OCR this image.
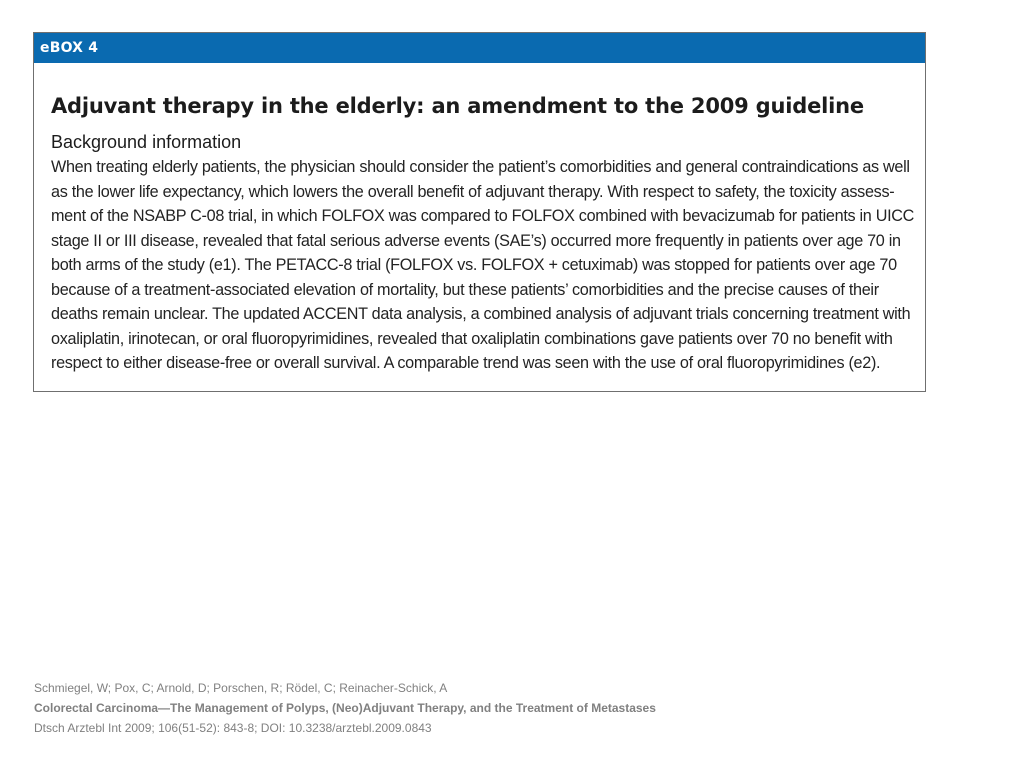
eBOX 4
Adjuvant therapy in the elderly: an amendment to the 2009 guideline
Background information

When treating elderly patients, the physician should consider the patient’s comorbidities and general contraindications as well
as the lower life expectancy, which lowers the overall benefit of adjuvant therapy. With respect to safety, the toxicity assess-
ment of the NSABP C-08 trial, in which FOLFOX was compared to FOLFOX combined with bevacizumab for patients in UICC
stage II or III disease, revealed that fatal serious adverse events (SAE’s) occurred more frequently in patients over age 70 in
both arms of the study (e1). The PETACC-8 trial (FOLFOX vs. FOLFOX + cetuximab) was stopped for patients over age 70
because of a treatment-associated elevation of mortality, but these patients’ comorbidities and the precise causes of their
deaths remain unclear. The updated ACCENT data analysis, a combined analysis of adjuvant trials concerning treatment with
oxaliplatin, irinotecan, or oral fluoropyrimidines, revealed that oxaliplatin combinations gave patients over 70 no benefit with
respect to either disease-free or overall survival. A comparable trend was seen with the use of oral fluoropyrimidines (e2).

Schmiegel, W; Pox, C; Arnold, D; Porschen, R; Rödel, C; Reinacher-Schick, A
Colorectal Carcinoma—The Management of Polyps, (Neo)Adjuvant Therapy, and the Treatment of Metastases
Dtsch Arztebl Int 2009; 106(51-52): 843-8; DOI: 10.3238/arztebl.2009.0843
